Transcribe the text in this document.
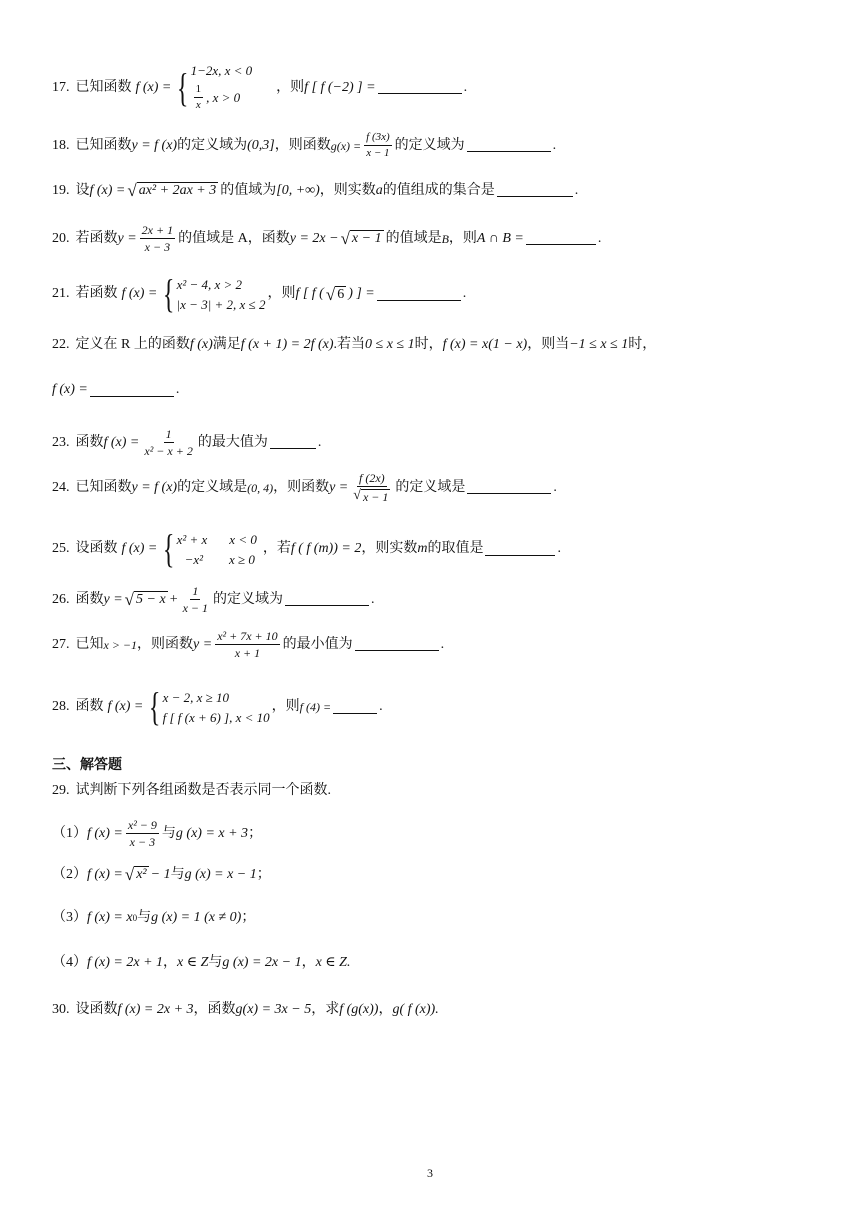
17. 已知函数 f (x) = { 1−2x, x < 0
$\frac{1}{x}$ , x > 0
，则 f [ f (−2) ] =	.
18. 已知函数 y = f (x) 的定义域为 (0,3] ，则函数 $g(x) = \frac{f (3x)}{x - 1}$ 的定义域为	.
19. 设 f (x) = √ ax² + 2ax + 3 的值域为 [0, +∞) ，则实数 a 的值组成的集合是	.
20. 若函数 $y = \frac{2x + 1}{x - 3}$ 的值域是 A，函数 y = 2x − √ x − 1 的值域是 B ，则 A ∩ B =	.
21. 若函数 f (x) = { x² − 4, x > 2
|x − 3| + 2, x ≤ 2
，则 f [ f ( √ 6 ) ] =	.
22. 定义在 R 上的函数 f (x) 满足 f (x + 1) = 2f (x) .若当 0 ≤ x ≤ 1 时， f (x) = x(1 − x) ，则当 −1 ≤ x ≤ 1 时，
f (x) =	.
23. 函数 f $(x) = \frac{1}{\text{x² − x + 2}}$ 的最大值为	.
24. 已知函数 y = f (x) 的定义域是 (0, 4) ，则函数 $y = \frac{f (2x)}{√ x - 1}$ 的定义域是	.
25. 设函数 f (x) = { x² + x x < 0
−x² x ≥ 0
，若 f ( f (m)) = 2 ，则实数 m 的取值是	.
26. 函数 y = √ $5 - x + \frac{1}{x - 1}$ 的定义域为	.
27. 已知 x > −1 ，则函数 $y = \frac{\text{x² + 7x + 10}}{x + 1}$ 的最小值为	.
28. 函数 f (x) = { x − 2, x ≥ 10
f [ f (x + 6) ], x < 10
，则 f (4) =	.
三、解答题
29. 试判断下列各组函数是否表示同一个函数.
（1） f $(x) = \frac{\text{x² − 9}}{x - 3}$ 与 g (x) = x + 3 ；
（2） f (x) = √ x² − 1 与 g (x) = x − 1 ；
（3） f (x) = x 0 与 g (x) = 1 (x ≠ 0) ；
（4） f (x) = 2x + 1 ， x ∈ Z 与 g (x) = 2x − 1 ， x ∈ Z.
30. 设函数 f (x) = 2x + 3 ，函数 g(x) = 3x − 5 ，求 f (g(x)) ， g( f (x)).
3
